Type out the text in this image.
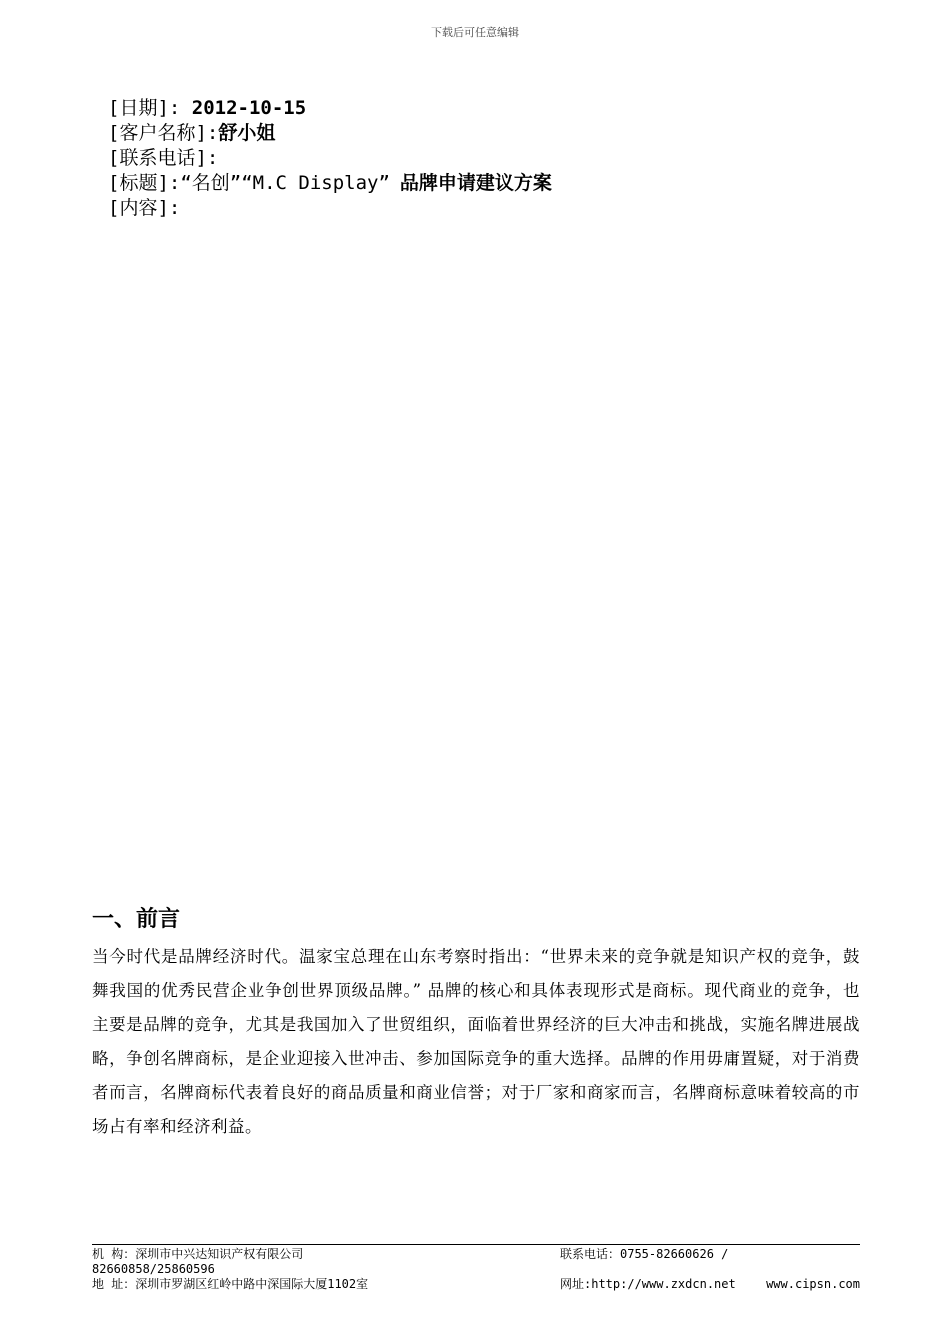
下载后可任意编辑
[日期]: 2012-10-15
[客户名称]:舒小姐
[联系电话]:
[标题]:“名创”“M.C Display” 品牌申请建议方案
[内容]:
一、前言
当今时代是品牌经济时代。温家宝总理在山东考察时指出：“世界未来的竞争就是知识产权的竞争，鼓舞我国的优秀民营企业争创世界顶级品牌。” 品牌的核心和具体表现形式是商标。现代商业的竞争，也主要是品牌的竞争，尤其是我国加入了世贸组织，面临着世界经济的巨大冲击和挑战，实施名牌进展战略，争创名牌商标，是企业迎接入世冲击、参加国际竞争的重大选择。品牌的作用毋庸置疑，对于消费者而言，名牌商标代表着良好的商品质量和商业信誉；对于厂家和商家而言，名牌商标意味着较高的市场占有率和经济利益。
机 构：深圳市中兴达知识产权有限公司	联系电话：0755-82660626 /
82660858/25860596
地 址：深圳市罗湖区红岭中路中深国际大厦1102室	网址:http://www.zxdcn.net	www.cipsn.com
